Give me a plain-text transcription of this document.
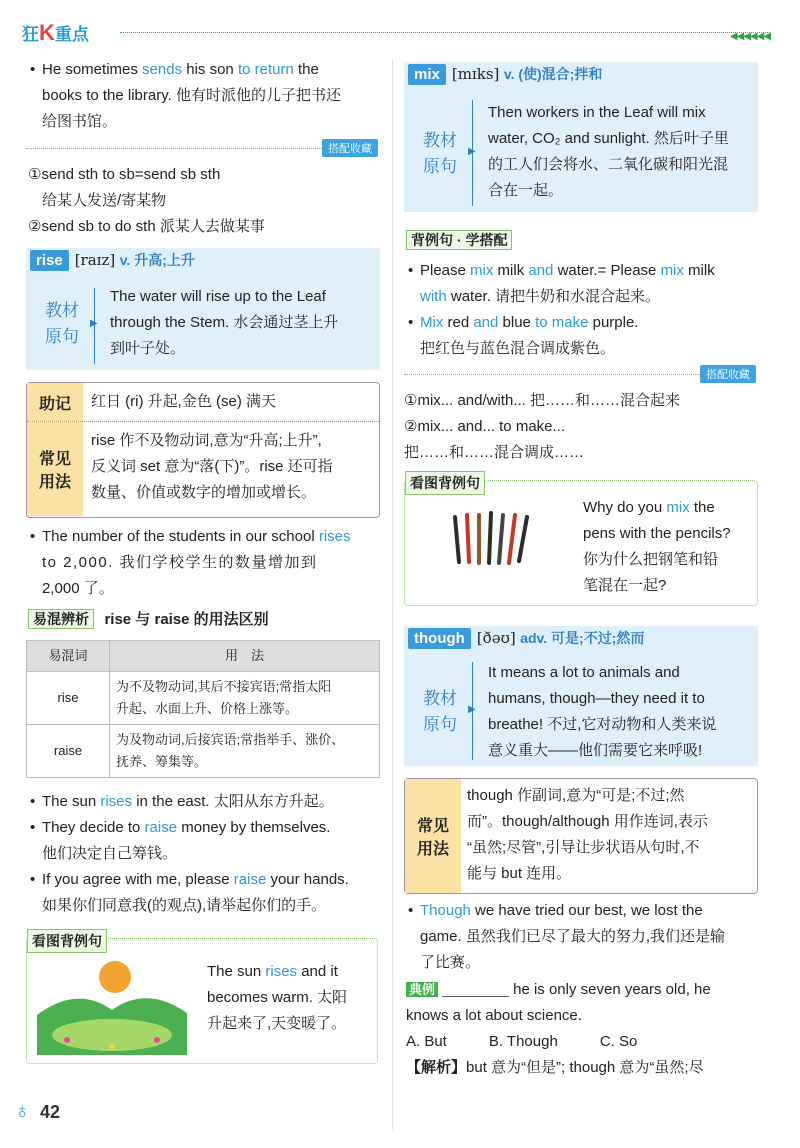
狂K重点	◀◀◀◀◀◀
• He sometimes sends his son to return the
books to the library. 他有时派他的儿子把书还
给图书馆。
搭配收藏
①send sth to sb=send sb sth
给某人发送/寄某物
②send sb to do sth 派某人去做某事
rise [raɪz] v. 升高;上升
教材
原句
▶
The water will rise up to the Leaf
through the Stem. 水会通过茎上升
到叶子处。
助记	红日 (ri) 升起,金色 (se) 满天
常见
用法
rise 作不及物动词,意为“升高;上升”,
反义词 set 意为“落(下)”。rise 还可指
数量、价值或数字的增加或增长。
• The number of the students in our school rises
to 2,000. 我们学校学生的数量增加到
2,000 了。
易混辨析 rise 与 raise 的用法区别
易混词	用　法
rise	为不及物动词,其后不接宾语;常指太阳
升起、水面上升、价格上涨等。

raise	为及物动词,后接宾语;常指举手、涨价、
抚养、筹集等。
• The sun rises in the east. 太阳从东方升起。
• They decide to raise money by themselves.
他们决定自己筹钱。
• If you agree with me, please raise your hands.
如果你们同意我(的观点),请举起你们的手。
看图背例句
The sun rises and it
becomes warm. 太阳
升起来了,天变暖了。
♁ 42
mix [mɪks] v. (使)混合;拌和
教材
原句
▶
Then workers in the Leaf will mix
water, CO₂ and sunlight. 然后叶子里
的工人们会将水、二氧化碳和阳光混
合在一起。
背例句 · 学搭配
• Please mix milk and water.= Please mix milk
with water. 请把牛奶和水混合起来。
• Mix red and blue to make purple.
把红色与蓝色混合调成紫色。
搭配收藏
①mix... and/with... 把……和……混合起来
②mix... and... to make...
把……和……混合调成……
看图背例句
Why do you mix the
pens with the pencils?
你为什么把钢笔和铅
笔混在一起?
though [ðəʊ] adv. 可是;不过;然而
教材
原句
▶
It means a lot to animals and
humans, though—they need it to
breathe! 不过,它对动物和人类来说
意义重大——他们需要它来呼吸!
常见
用法
though 作副词,意为“可是;不过;然
而”。though/although 用作连词,表示
“虽然;尽管”,引导让步状语从句时,不
能与 but 连用。
• Though we have tried our best, we lost the
game. 虽然我们已尽了最大的努力,我们还是输
了比赛。
典例 ________ he is only seven years old, he
knows a lot about science.
A. But	B. Though	C. So
【解析】but 意为“但是”; though 意为“虽然;尽
